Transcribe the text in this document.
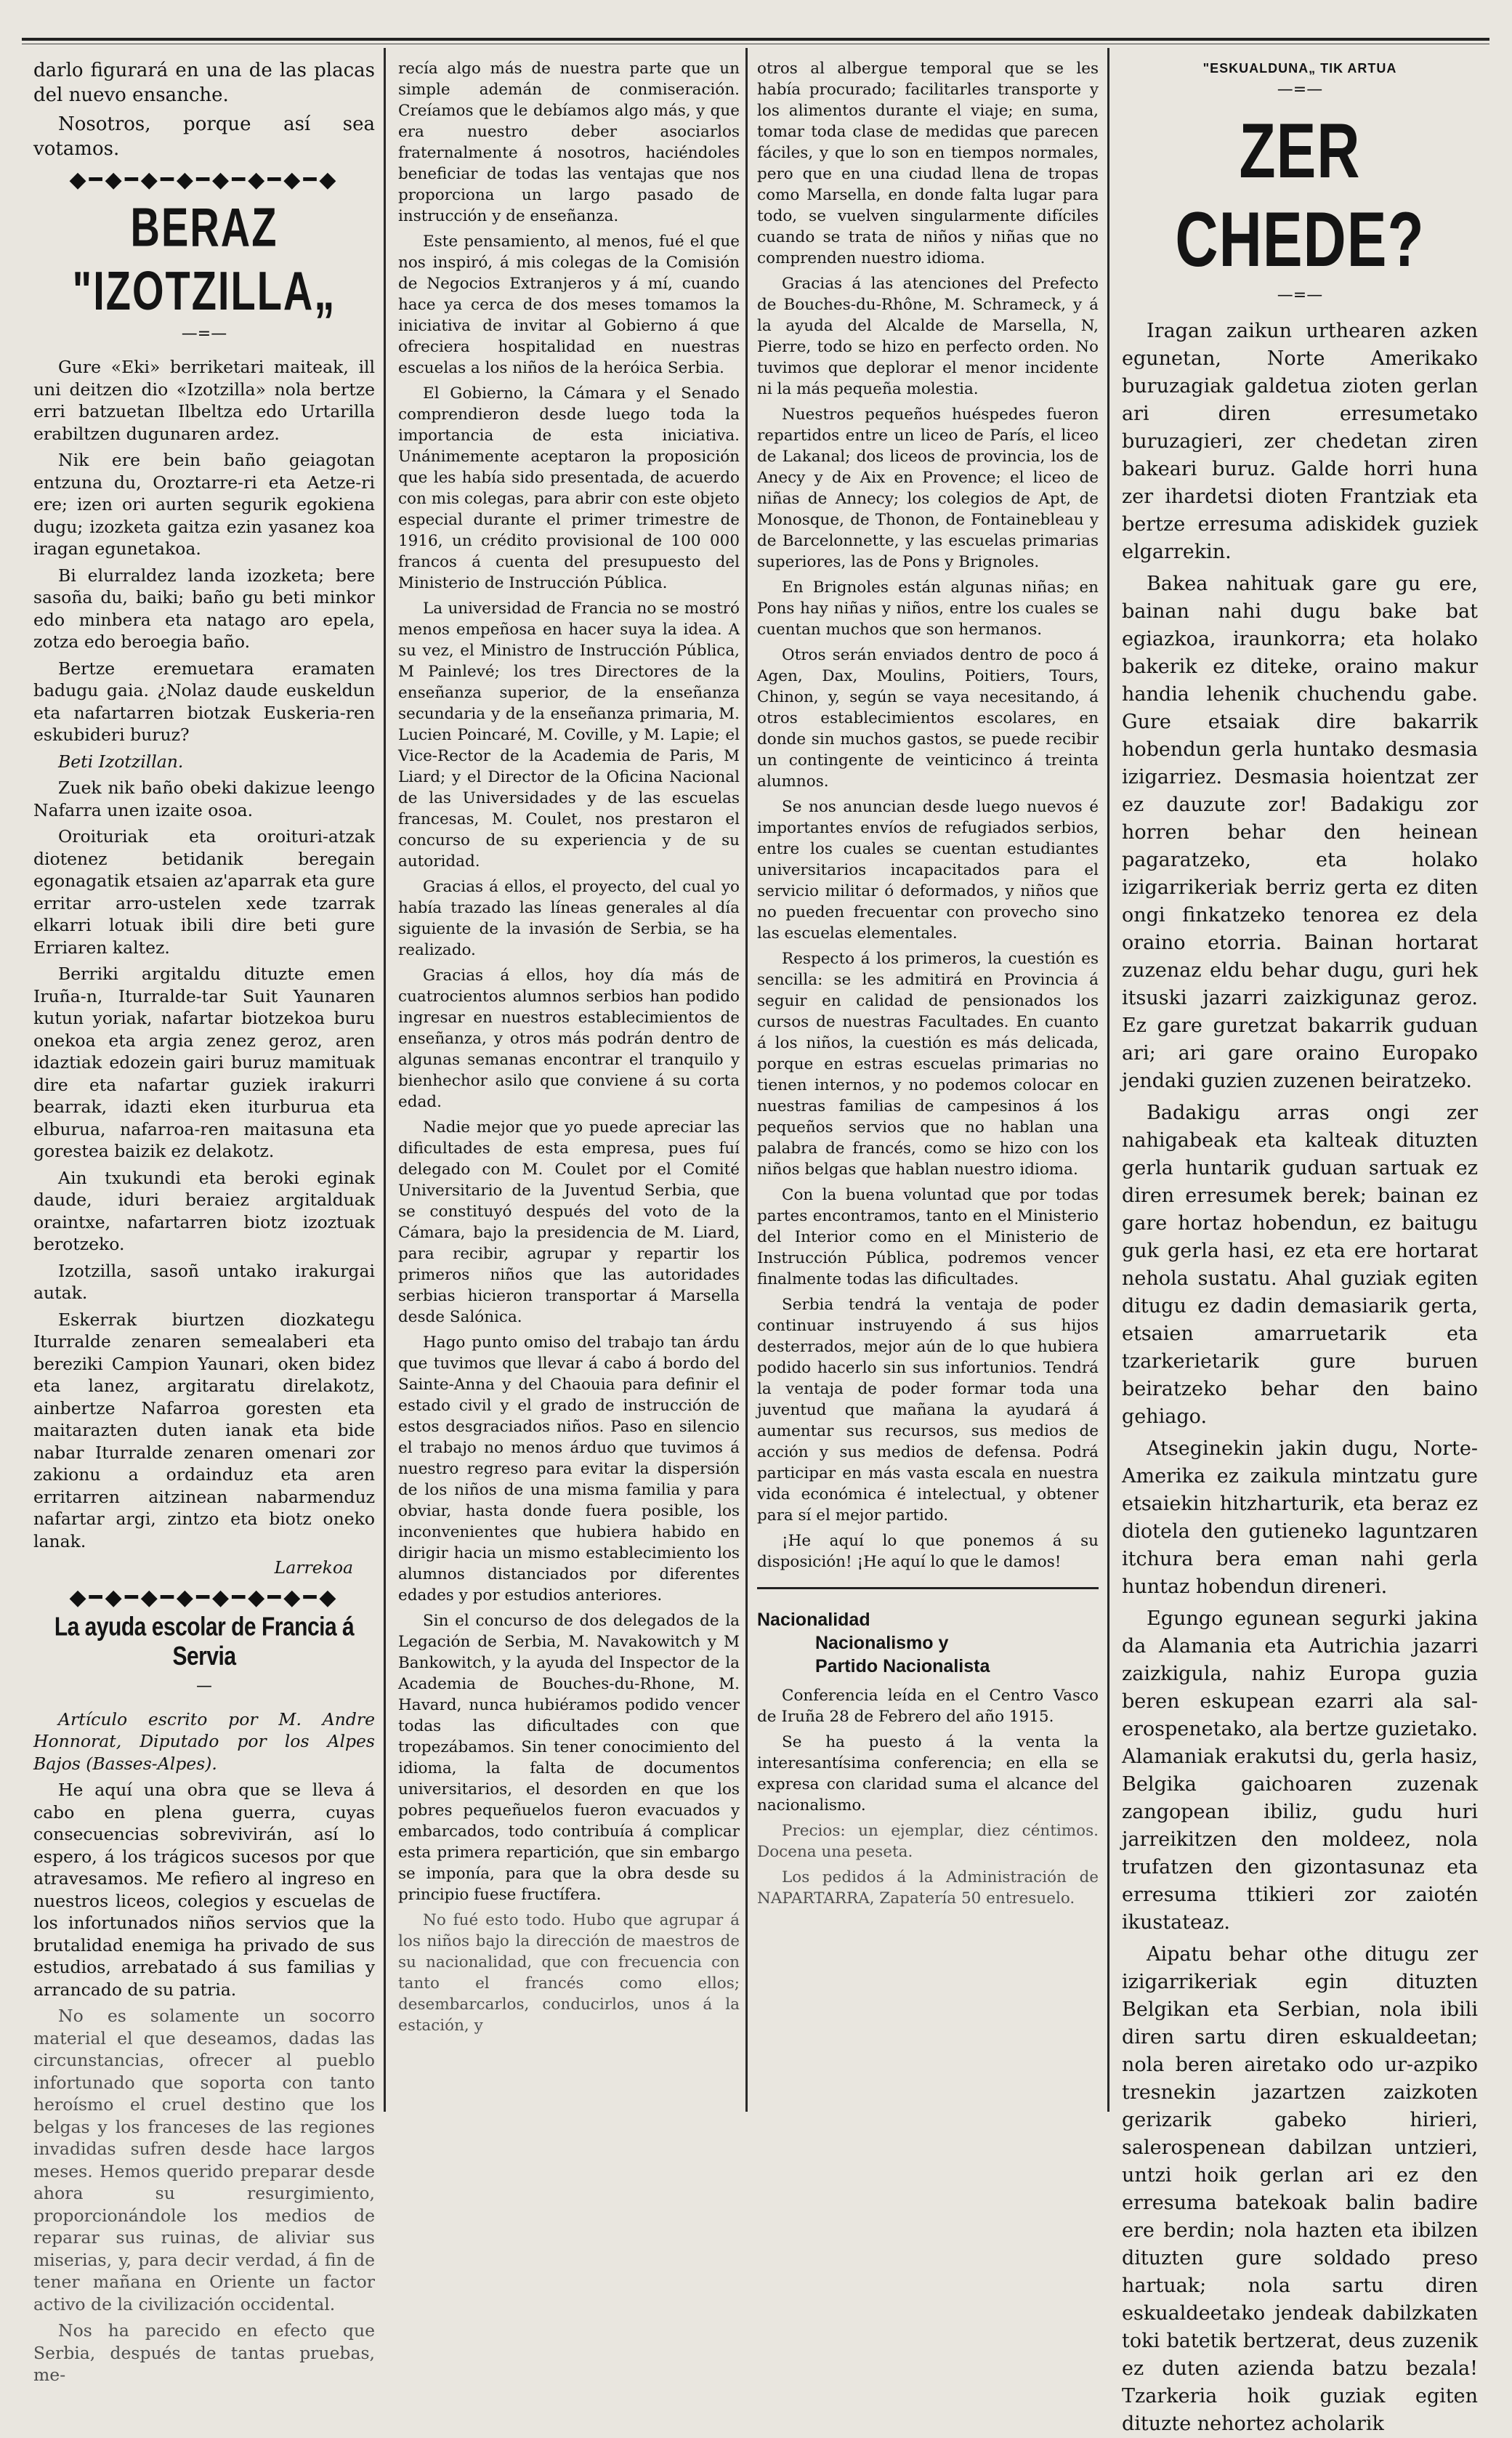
darlo figurará en una de las placas del nuevo ensanche.

Nosotros, porque así sea votamos.

◆━◆━◆━◆━◆━◆━◆━◆
BERAZ "IZOTZILLA„
—=—

Gure «Eki» berriketari maiteak, ill uni deitzen dio «Izotzilla» nola bertze erri batzuetan Ilbeltza edo Urtarilla erabiltzen dugunaren ardez.

Nik ere bein baño geiagotan entzuna du, Oroztarre-ri eta Aetze-ri ere; izen ori aurten segurik egokiena dugu; izozketa gaitza ezin yasanez koa iragan egunetakoa.

Bi elurraldez landa izozketa; bere sasoña du, baiki; baño gu beti minkor edo minbera eta natago aro epela, zotza edo beroegia baño.

Bertze eremuetara eramaten badugu gaia. ¿Nolaz daude euskeldun eta nafartarren biotzak Euskeria-ren eskubideri buruz?

Beti Izotzillan.

Zuek nik baño obeki dakizue leengo Nafarra unen izaite osoa.

Oroituriak eta oroituri-atzak diotenez betidanik beregain egonagatik etsaien az'aparrak eta gure erritar arro-ustelen xede tzarrak elkarri lotuak ibili dire beti gure Erriaren kaltez.

Berriki argitaldu dituzte emen Iruña-n, Iturralde-tar Suit Yaunaren kutun yoriak, nafartar biotzekoa buru onekoa eta argia zenez geroz, aren idaztiak edozein gairi buruz mamituak dire eta nafartar guziek irakurri bearrak, idazti eken iturburua eta elburua, nafarroa-ren maitasuna eta gorestea baizik ez delakotz.

Ain txukundi eta beroki eginak daude, iduri beraiez argitalduak oraintxe, nafartarren biotz izoztuak berotzeko.

Izotzilla, sasoñ untako irakurgai autak.

Eskerrak biurtzen diozkategu Iturralde zenaren semealaberi eta bereziki Campion Yaunari, oken bidez eta lanez, argitaratu direlakotz, ainbertze Nafarroa goresten eta maitarazten duten ianak eta bide nabar Iturralde zenaren omenari zor zakionu a ordainduz eta aren erritarren aitzinean nabarmenduz nafartar argi, zintzo eta biotz oneko lanak.

Larrekoa

◆━◆━◆━◆━◆━◆━◆━◆
La ayuda escolar de Francia á Servia
—

Artículo escrito por M. Andre Honnorat, Diputado por los Alpes Bajos (Basses-Alpes).

He aquí una obra que se lleva á cabo en plena guerra, cuyas consecuencias sobrevivirán, así lo espero, á los trágicos sucesos por que atravesamos. Me refiero al ingreso en nuestros liceos, colegios y escuelas de los infortunados niños servios que la brutalidad enemiga ha privado de sus estudios, arrebatado á sus familias y arrancado de su patria.

No es solamente un socorro material el que deseamos, dadas las circunstancias, ofrecer al pueblo infortunado que soporta con tanto heroísmo el cruel destino que los belgas y los franceses de las regiones invadidas sufren desde hace largos meses. Hemos querido preparar desde ahora su resurgimiento, proporcionándole los medios de reparar sus ruinas, de aliviar sus miserias, y, para decir verdad, á fin de tener mañana en Oriente un factor activo de la civilización occidental.

Nos ha parecido en efecto que Serbia, después de tantas pruebas, me-

recía algo más de nuestra parte que un simple ademán de conmiseración. Creíamos que le debíamos algo más, y que era nuestro deber asociarlos fraternalmente á nosotros, haciéndoles beneficiar de todas las ventajas que nos proporciona un largo pasado de instrucción y de enseñanza.

Este pensamiento, al menos, fué el que nos inspiró, á mis colegas de la Comisión de Negocios Extranjeros y á mí, cuando hace ya cerca de dos meses tomamos la iniciativa de invitar al Gobierno á que ofreciera hospitalidad en nuestras escuelas a los niños de la heróica Serbia.

El Gobierno, la Cámara y el Senado comprendieron desde luego toda la importancia de esta iniciativa. Unánimemente aceptaron la proposición que les había sido presentada, de acuerdo con mis colegas, para abrir con este objeto especial durante el primer trimestre de 1916, un crédito provisional de 100 000 francos á cuenta del presupuesto del Ministerio de Instrucción Pública.

La universidad de Francia no se mostró menos empeñosa en hacer suya la idea. A su vez, el Ministro de Instrucción Pública, M Painlevé; los tres Directores de la enseñanza superior, de la enseñanza secundaria y de la enseñanza primaria, M. Lucien Poincaré, M. Coville, y M. Lapie; el Vice-Rector de la Academia de Paris, M Liard; y el Director de la Oficina Nacional de las Universidades y de las escuelas francesas, M. Coulet, nos prestaron el concurso de su experiencia y de su autoridad.

Gracias á ellos, el proyecto, del cual yo había trazado las líneas generales al día siguiente de la invasión de Serbia, se ha realizado.

Gracias á ellos, hoy día más de cuatrocientos alumnos serbios han podido ingresar en nuestros establecimientos de enseñanza, y otros más podrán dentro de algunas semanas encontrar el tranquilo y bienhechor asilo que conviene á su corta edad.

Nadie mejor que yo puede apreciar las dificultades de esta empresa, pues fuí delegado con M. Coulet por el Comité Universitario de la Juventud Serbia, que se constituyó después del voto de la Cámara, bajo la presidencia de M. Liard, para recibir, agrupar y repartir los primeros niños que las autoridades serbias hicieron transportar á Marsella desde Salónica.

Hago punto omiso del trabajo tan árdu que tuvimos que llevar á cabo á bordo del Sainte-Anna y del Chaouia para definir el estado civil y el grado de instrucción de estos desgraciados niños. Paso en silencio el trabajo no menos árduo que tuvimos á nuestro regreso para evitar la dispersión de los niños de una misma familia y para obviar, hasta donde fuera posible, los inconvenientes que hubiera habido en dirigir hacia un mismo establecimiento los alumnos distanciados por diferentes edades y por estudios anteriores.

Sin el concurso de dos delegados de la Legación de Serbia, M. Navakowitch y M Bankowitch, y la ayuda del Inspector de la Academia de Bouches-du-Rhone, M. Havard, nunca hubiéramos podido vencer todas las dificultades con que tropezábamos. Sin tener conocimiento del idioma, la falta de documentos universitarios, el desorden en que los pobres pequeñuelos fueron evacuados y embarcados, todo contribuía á complicar esta primera repartición, que sin embargo se imponía, para que la obra desde su principio fuese fructífera.

No fué esto todo. Hubo que agrupar á los niños bajo la dirección de maestros de su nacionalidad, que con frecuencia con tanto el francés como ellos; desembarcarlos, conducirlos, unos á la estación, y

otros al albergue temporal que se les había procurado; facilitarles transporte y los alimentos durante el viaje; en suma, tomar toda clase de medidas que parecen fáciles, y que lo son en tiempos normales, pero que en una ciudad llena de tropas como Marsella, en donde falta lugar para todo, se vuelven singularmente difíciles cuando se trata de niños y niñas que no comprenden nuestro idioma.

Gracias á las atenciones del Prefecto de Bouches-du-Rhône, M. Schrameck, y á la ayuda del Alcalde de Marsella, N, Pierre, todo se hizo en perfecto orden. No tuvimos que deplorar el menor incidente ni la más pequeña molestia.

Nuestros pequeños huéspedes fueron repartidos entre un liceo de París, el liceo de Lakanal; dos liceos de provincia, los de Anecy y de Aix en Provence; el liceo de niñas de Annecy; los colegios de Apt, de Monosque, de Thonon, de Fontainebleau y de Barcelonnette, y las escuelas primarias superiores, las de Pons y Brignoles.

En Brignoles están algunas niñas; en Pons hay niñas y niños, entre los cuales se cuentan muchos que son hermanos.

Otros serán enviados dentro de poco á Agen, Dax, Moulins, Poitiers, Tours, Chinon, y, según se vaya necesitando, á otros establecimientos escolares, en donde sin muchos gastos, se puede recibir un contingente de veinticinco á treinta alumnos.

Se nos anuncian desde luego nuevos é importantes envíos de refugiados serbios, entre los cuales se cuentan estudiantes universitarios incapacitados para el servicio militar ó deformados, y niños que no pueden frecuentar con provecho sino las escuelas elementales.

Respecto á los primeros, la cuestión es sencilla: se les admitirá en Provincia á seguir en calidad de pensionados los cursos de nuestras Facultades. En cuanto á los niños, la cuestión es más delicada, porque en estras escuelas primarias no tienen internos, y no podemos colocar en nuestras familias de campesinos á los pequeños servios que no hablan una palabra de francés, como se hizo con los niños belgas que hablan nuestro idioma.

Con la buena voluntad que por todas partes encontramos, tanto en el Ministerio del Interior como en el Ministerio de Instrucción Pública, podremos vencer finalmente todas las dificultades.

Serbia tendrá la ventaja de poder continuar instruyendo á sus hijos desterrados, mejor aún de lo que hubiera podido hacerlo sin sus infortunios. Tendrá la ventaja de poder formar toda una juventud que mañana la ayudará á aumentar sus recursos, sus medios de acción y sus medios de defensa. Podrá participar en más vasta escala en nuestra vida económica é intelectual, y obtener para sí el mejor partido.

¡He aquí lo que ponemos á su disposición! ¡He aquí lo que le damos!

Nacionalidad
Nacionalismo y
Partido Nacionalista

Conferencia leída en el Centro Vasco de Iruña 28 de Febrero del año 1915.

Se ha puesto á la venta la interesantísima conferencia; en ella se expresa con claridad suma el alcance del nacionalismo.

Precios: un ejemplar, diez céntimos. Docena una peseta.

Los pedidos á la Administración de NAPARTARRA, Zapatería 50 entresuelo.

"ESKUALDUNA„ TIK ARTUA
—=—
ZER CHEDE?
—=—

Iragan zaikun urthearen azken egunetan, Norte Amerikako buruzagiak galdetua zioten gerlan ari diren erresumetako buruzagieri, zer chedetan ziren bakeari buruz. Galde horri huna zer ihardetsi dioten Frantziak eta bertze erresuma adiskidek guziek elgarrekin.

Bakea nahituak gare gu ere, bainan nahi dugu bake bat egiazkoa, iraunkorra; eta holako bakerik ez diteke, oraino makur handia lehenik chuchendu gabe. Gure etsaiak dire bakarrik hobendun gerla huntako desmasia izigarriez. Desmasia hoientzat zer ez dauzute zor! Badakigu zor horren behar den heinean pagaratzeko, eta holako izigarrikeriak berriz gerta ez diten ongi finkatzeko tenorea ez dela oraino etorria. Bainan hortarat zuzenaz eldu behar dugu, guri hek itsuski jazarri zaizkigunaz geroz. Ez gare guretzat bakarrik guduan ari; ari gare oraino Europako jendaki guzien zuzenen beiratzeko.

Badakigu arras ongi zer nahigabeak eta kalteak dituzten gerla huntarik guduan sartuak ez diren erresumek berek; bainan ez gare hortaz hobendun, ez baitugu guk gerla hasi, ez eta ere hortarat nehola sustatu. Ahal guziak egiten ditugu ez dadin demasiarik gerta, etsaien amarruetarik eta tzarkerietarik gure buruen beiratzeko behar den baino gehiago.

Atseginekin jakin dugu, Norte-Amerika ez zaikula mintzatu gure etsaiekin hitzharturik, eta beraz ez diotela den gutieneko laguntzaren itchura bera eman nahi gerla huntaz hobendun direneri.

Egungo egunean segurki jakina da Alamania eta Autrichia jazarri zaizkigula, nahiz Europa guzia beren eskupean ezarri ala sal-erospenetako, ala bertze guzietako. Alamaniak erakutsi du, gerla hasiz, Belgika gaichoaren zuzenak zangopean ibiliz, gudu huri jarreikitzen den moldeez, nola trufatzen den gizontasunaz eta erresuma ttikieri zor zaiotén ikustateaz.

Aipatu behar othe ditugu zer izigarrikeriak egin dituzten Belgikan eta Serbian, nola ibili diren sartu diren eskualdeetan; nola beren airetako odo ur-azpiko tresnekin jazartzen zaizkoten gerizarik gabeko hirieri, salerospenean dabilzan untzieri, untzi hoik gerlan ari ez den erresuma batekoak balin badire ere berdin; nola hazten eta ibilzen dituzten gure soldado preso hartuak; nola sartu diren eskualdeetako jendeak dabilzkaten toki batetik bertzerat, deus zuzenik ez duten azienda batzu bezala! Tzarkeria hoik guziak egiten dituzte nehortez acholarik
